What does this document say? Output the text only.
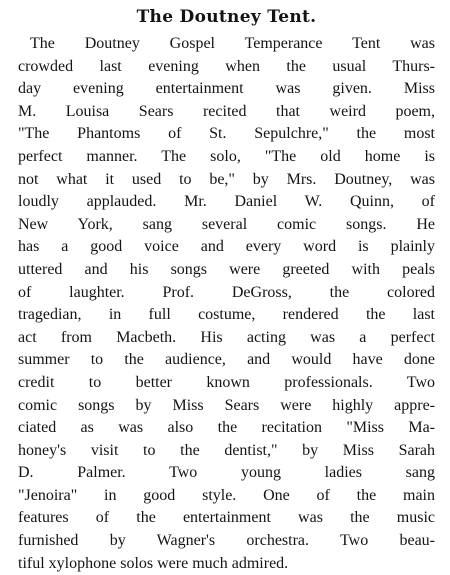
The Doutney Tent.
The Doutney Gospel Temperance Tent was
crowded last evening when the usual Thurs-
day evening entertainment was given. Miss
M. Louisa Sears recited that weird poem,
"The Phantoms of St. Sepulchre," the most
perfect manner. The solo, "The old home is
not what it used to be," by Mrs. Doutney, was
loudly applauded. Mr. Daniel W. Quinn, of
New York, sang several comic songs. He
has a good voice and every word is plainly
uttered and his songs were greeted with peals
of laughter. Prof. DeGross, the colored
tragedian, in full costume, rendered the last
act from Macbeth. His acting was a perfect
summer to the audience, and would have done
credit to better known professionals. Two
comic songs by Miss Sears were highly appre-
ciated as was also the recitation "Miss Ma-
honey's visit to the dentist," by Miss Sarah
D. Palmer. Two young ladies sang
"Jenoira" in good style. One of the main
features of the entertainment was the music
furnished by Wagner's orchestra. Two beau-
tiful xylophone solos were much admired.
